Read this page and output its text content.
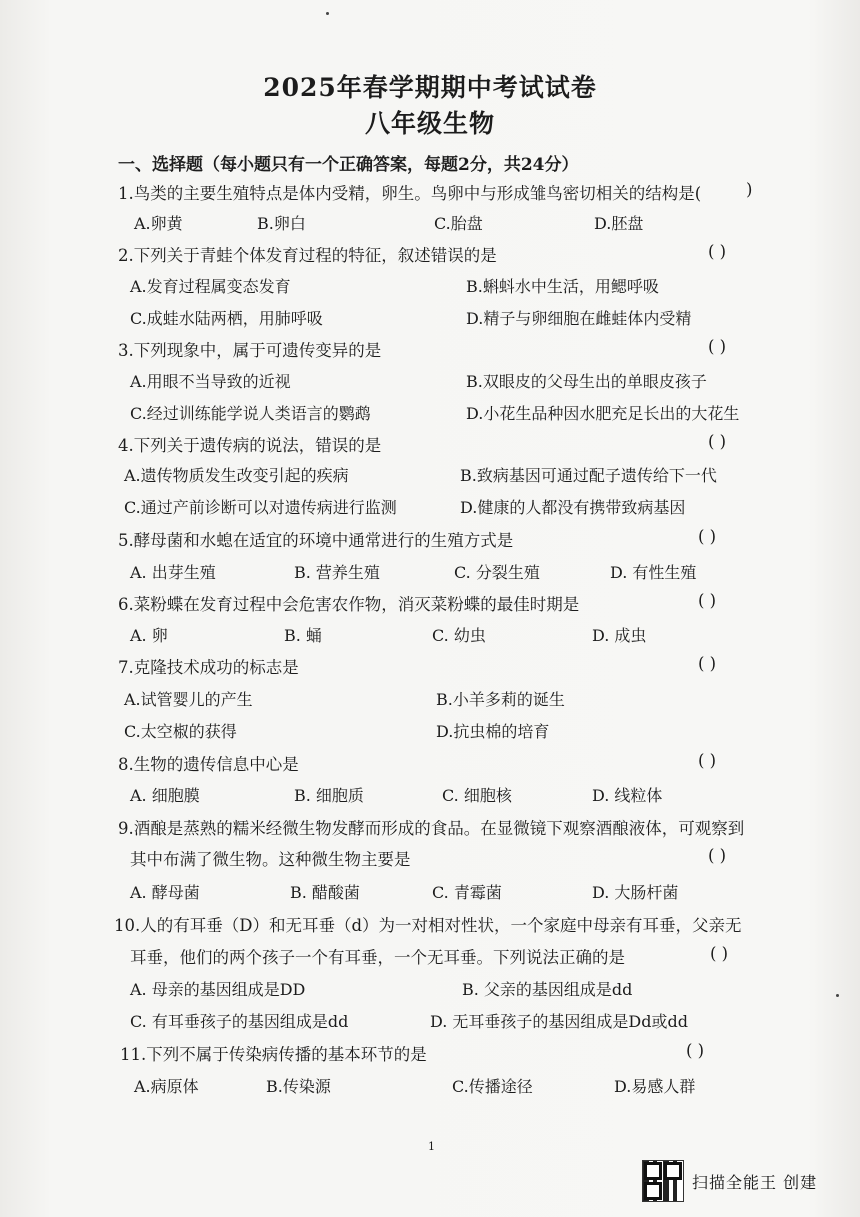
2025年春学期期中考试试卷
八年级生物
一、选择题（每小题只有一个正确答案，每题2分，共24分）
1.鸟类的主要生殖特点是体内受精，卵生。鸟卵中与形成雏鸟密切相关的结构是(	)
A.卵黄	B.卵白	C.胎盘	D.胚盘
2.下列关于青蛙个体发育过程的特征，叙述错误的是	( )
A.发育过程属变态发育	B.蝌蚪水中生活，用鳃呼吸
C.成蛙水陆两栖，用肺呼吸	D.精子与卵细胞在雌蛙体内受精
3.下列现象中，属于可遗传变异的是	( )
A.用眼不当导致的近视	B.双眼皮的父母生出的单眼皮孩子
C.经过训练能学说人类语言的鹦鹉	D.小花生品种因水肥充足长出的大花生
4.下列关于遗传病的说法，错误的是	( )
A.遗传物质发生改变引起的疾病	B.致病基因可通过配子遗传给下一代
C.通过产前诊断可以对遗传病进行监测	D.健康的人都没有携带致病基因
5.酵母菌和水螅在适宜的环境中通常进行的生殖方式是	( )
A. 出芽生殖	B. 营养生殖	C. 分裂生殖	D. 有性生殖
6.菜粉蝶在发育过程中会危害农作物，消灭菜粉蝶的最佳时期是	( )
A. 卵	B. 蛹	C. 幼虫	D. 成虫
7.克隆技术成功的标志是	( )
A.试管婴儿的产生	B.小羊多莉的诞生
C.太空椒的获得	D.抗虫棉的培育
8.生物的遗传信息中心是	( )
A. 细胞膜	B. 细胞质	C. 细胞核	D. 线粒体
9.酒酿是蒸熟的糯米经微生物发酵而形成的食品。在显微镜下观察酒酿液体，可观察到
其中布满了微生物。这种微生物主要是	( )
A. 酵母菌	B. 醋酸菌	C. 青霉菌	D. 大肠杆菌
10.人的有耳垂（D）和无耳垂（d）为一对相对性状，一个家庭中母亲有耳垂，父亲无
耳垂，他们的两个孩子一个有耳垂，一个无耳垂。下列说法正确的是	( )
A. 母亲的基因组成是DD	B. 父亲的基因组成是dd
C. 有耳垂孩子的基因组成是dd	D. 无耳垂孩子的基因组成是Dd或dd
11.下列不属于传染病传播的基本环节的是	( )
A.病原体	B.传染源	C.传播途径	D.易感人群
1
扫描全能王 创建
